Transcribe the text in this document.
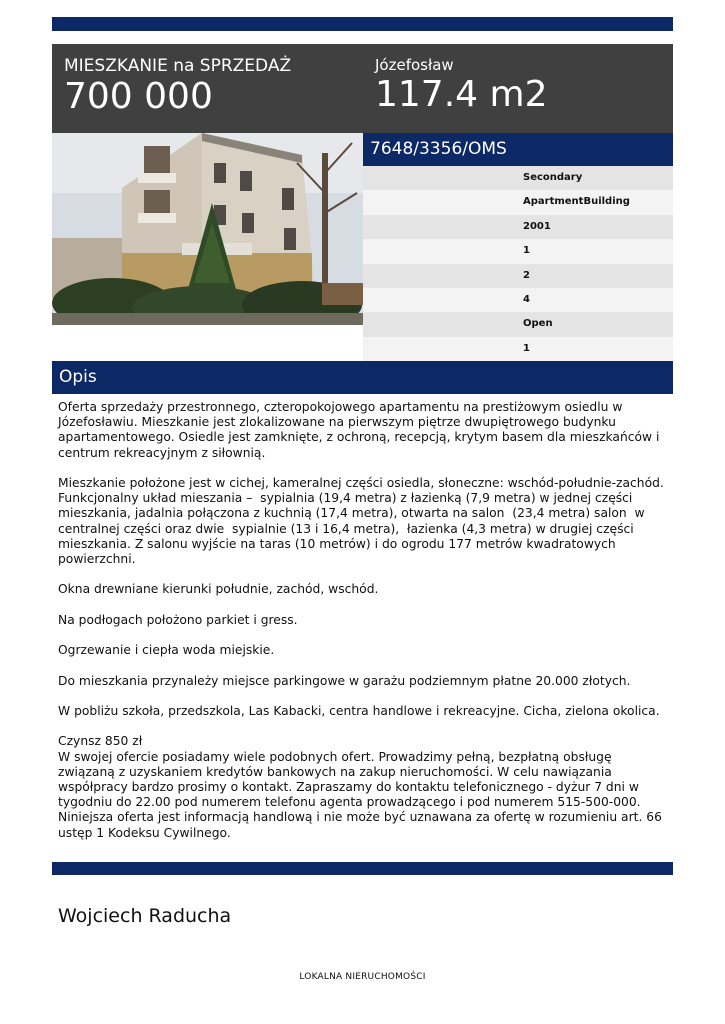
MIESZKANIE na SPRZEDAŻ
700 000
Józefosław
117.4 m2
7648/3356/OMS
Secondary
ApartmentBuilding
2001
1
2
4
Open
1
Opis

Oferta sprzedaży przestronnego, czteropokojowego apartamentu na prestiżowym osiedlu w Józefosławiu. Mieszkanie jest zlokalizowane na pierwszym piętrze dwupiętrowego budynku apartamentowego. Osiedle jest zamknięte, z ochroną, recepcją, krytym basem dla mieszkańców i centrum rekreacyjnym z siłownią.

Mieszkanie położone jest w cichej, kameralnej części osiedla, słoneczne: wschód-południe-zachód. Funkcjonalny układ mieszania –  sypialnia (19,4 metra) z łazienką (7,9 metra) w jednej części mieszkania, jadalnia połączona z kuchnią (17,4 metra), otwarta na salon  (23,4 metra) salon  w centralnej części oraz dwie  sypialnie (13 i 16,4 metra),  łazienka (4,3 metra) w drugiej części mieszkania. Z salonu wyjście na taras (10 metrów) i do ogrodu 177 metrów kwadratowych powierzchni.

Okna drewniane kierunki południe, zachód, wschód.

Na podłogach położono parkiet i gress.

Ogrzewanie i ciepła woda miejskie.

Do mieszkania przynależy miejsce parkingowe w garażu podziemnym płatne 20.000 złotych.

W pobliżu szkoła, przedszkola, Las Kabacki, centra handlowe i rekreacyjne. Cicha, zielona okolica.

Czynsz 850 zł
W swojej ofercie posiadamy wiele podobnych ofert. Prowadzimy pełną, bezpłatną obsługę związaną z uzyskaniem kredytów bankowych na zakup nieruchomości. W celu nawiązania współpracy bardzo prosimy o kontakt. Zapraszamy do kontaktu telefonicznego - dyżur 7 dni w tygodniu do 22.00 pod numerem telefonu agenta prowadzącego i pod numerem 515-500-000. Niniejsza oferta jest informacją handlową i nie może być uznawana za ofertę w rozumieniu art. 66 ustęp 1 Kodeksu Cywilnego.

Wojciech Raducha
LOKALNA NIERUCHOMOŚCI
